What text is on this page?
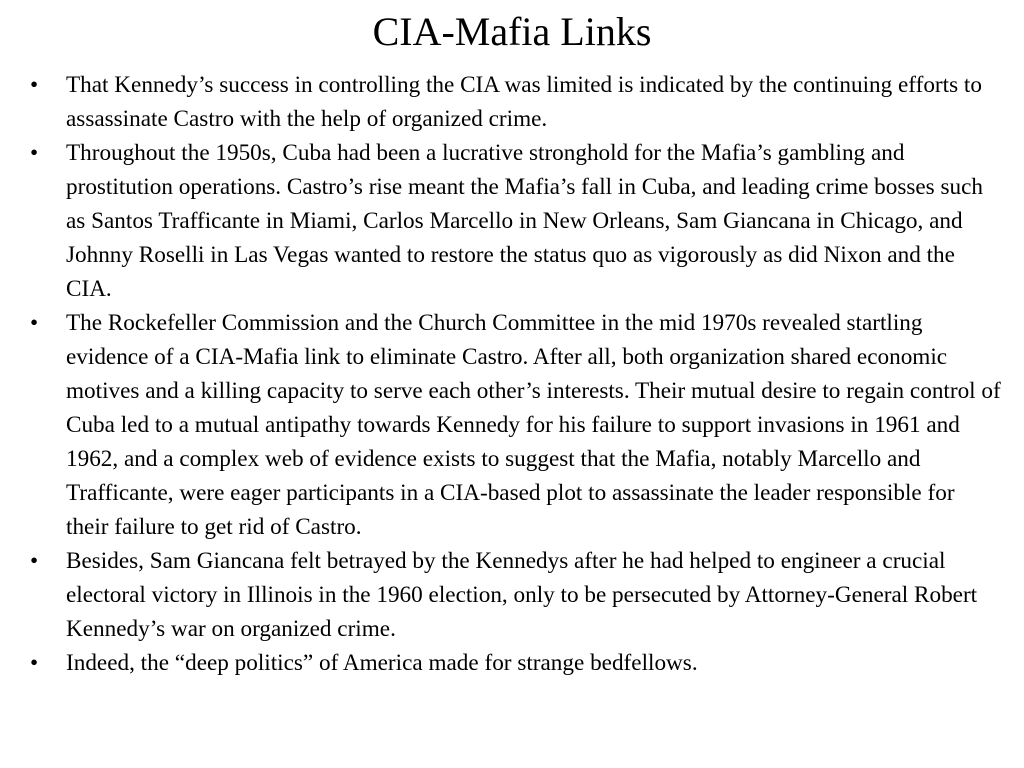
CIA-Mafia Links
•	That Kennedy’s success in controlling the CIA was limited is indicated by the continuing efforts to assassinate Castro with the help of organized crime.
•	Throughout the 1950s, Cuba had been a lucrative stronghold for the Mafia’s gambling and prostitution operations. Castro’s rise meant the Mafia’s fall in Cuba, and leading crime bosses such as Santos Trafficante in Miami, Carlos Marcello in New Orleans, Sam Giancana in Chicago, and Johnny Roselli in Las Vegas wanted to restore the status quo as vigorously as did Nixon and the CIA.
•	The Rockefeller Commission and the Church Committee in the mid 1970s revealed startling evidence of a CIA-Mafia link to eliminate Castro. After all, both organization shared economic motives and a killing capacity to serve each other’s interests. Their mutual desire to regain control of Cuba led to a mutual antipathy towards Kennedy for his failure to support invasions in 1961 and 1962, and a complex web of evidence exists to suggest that the Mafia, notably Marcello and Trafficante, were eager participants in a CIA-based plot to assassinate the leader responsible for their failure to get rid of Castro.
•	Besides, Sam Giancana felt betrayed by the Kennedys after he had helped to engineer a crucial electoral victory in Illinois in the 1960 election, only to be persecuted by Attorney-General Robert Kennedy’s war on organized crime.
•	Indeed, the “deep politics” of America made for strange bedfellows.
